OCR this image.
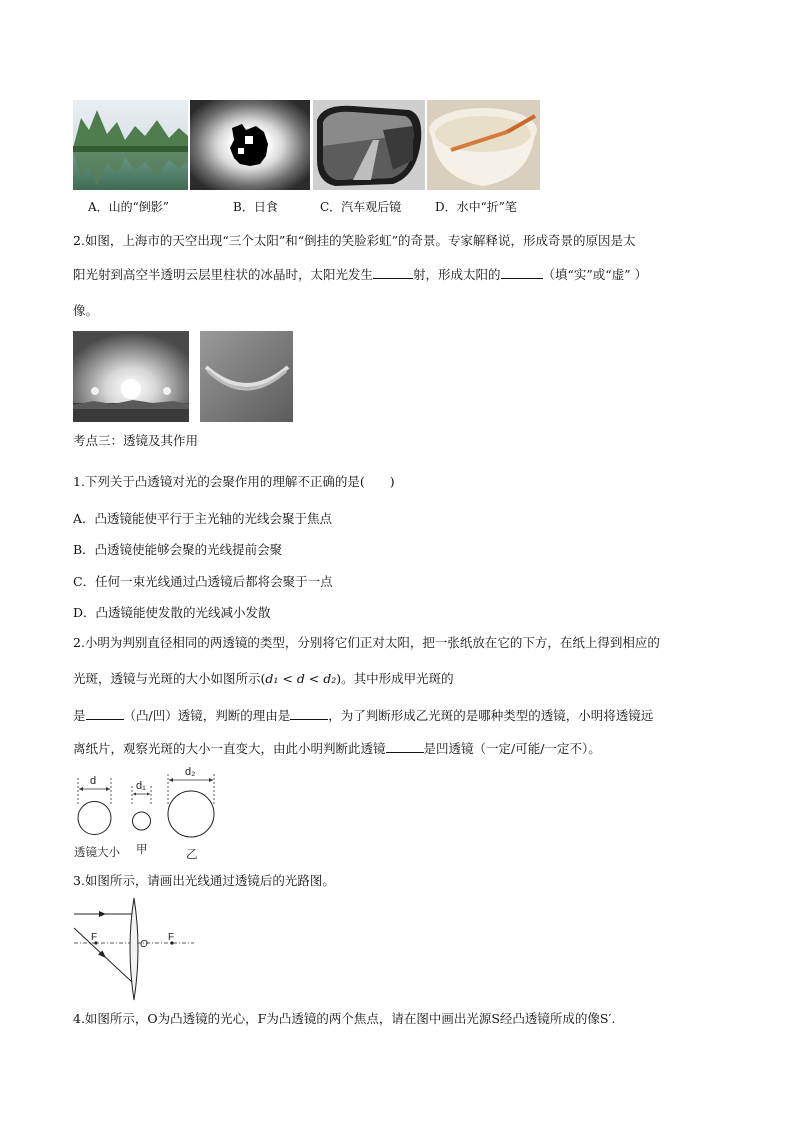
A．山的“倒影”	B．日食	C．汽车观后镜	D．水中“折”笔
2.如图，上海市的天空出现“三个太阳”和“倒挂的笑脸彩虹”的奇景。专家解释说，形成奇景的原因是太
阳光射到高空半透明云层里柱状的冰晶时，太阳光发生	射，形成太阳的	（填“实”或“虚” ）
像。
考点三：透镜及其作用
1.下列关于凸透镜对光的会聚作用的理解不正确的是(　　)
A．凸透镜能使平行于主光轴的光线会聚于焦点
B．凸透镜使能够会聚的光线提前会聚
C．任何一束光线通过凸透镜后都将会聚于一点
D．凸透镜能使发散的光线减小发散
2.小明为判别直径相同的两透镜的类型，分别将它们正对太阳，把一张纸放在它的下方，在纸上得到相应的
光斑，透镜与光斑的大小如图所示(d₁ < d < d₂)。其中形成甲光斑的
是	（凸/凹）透镜，判断的理由是	，为了判断形成乙光斑的是哪种类型的透镜，小明将透镜远
离纸片，观察光斑的大小一直变大，由此小明判断此透镜	是凹透镜（一定/可能/一定不）。
d	d₁
d₂
透镜大小 甲	乙
3.如图所示，请画出光线通过透镜后的光路图。
F
O
F
4.如图所示，O为凸透镜的光心，F为凸透镜的两个焦点，请在图中画出光源S经凸透镜所成的像S′.
